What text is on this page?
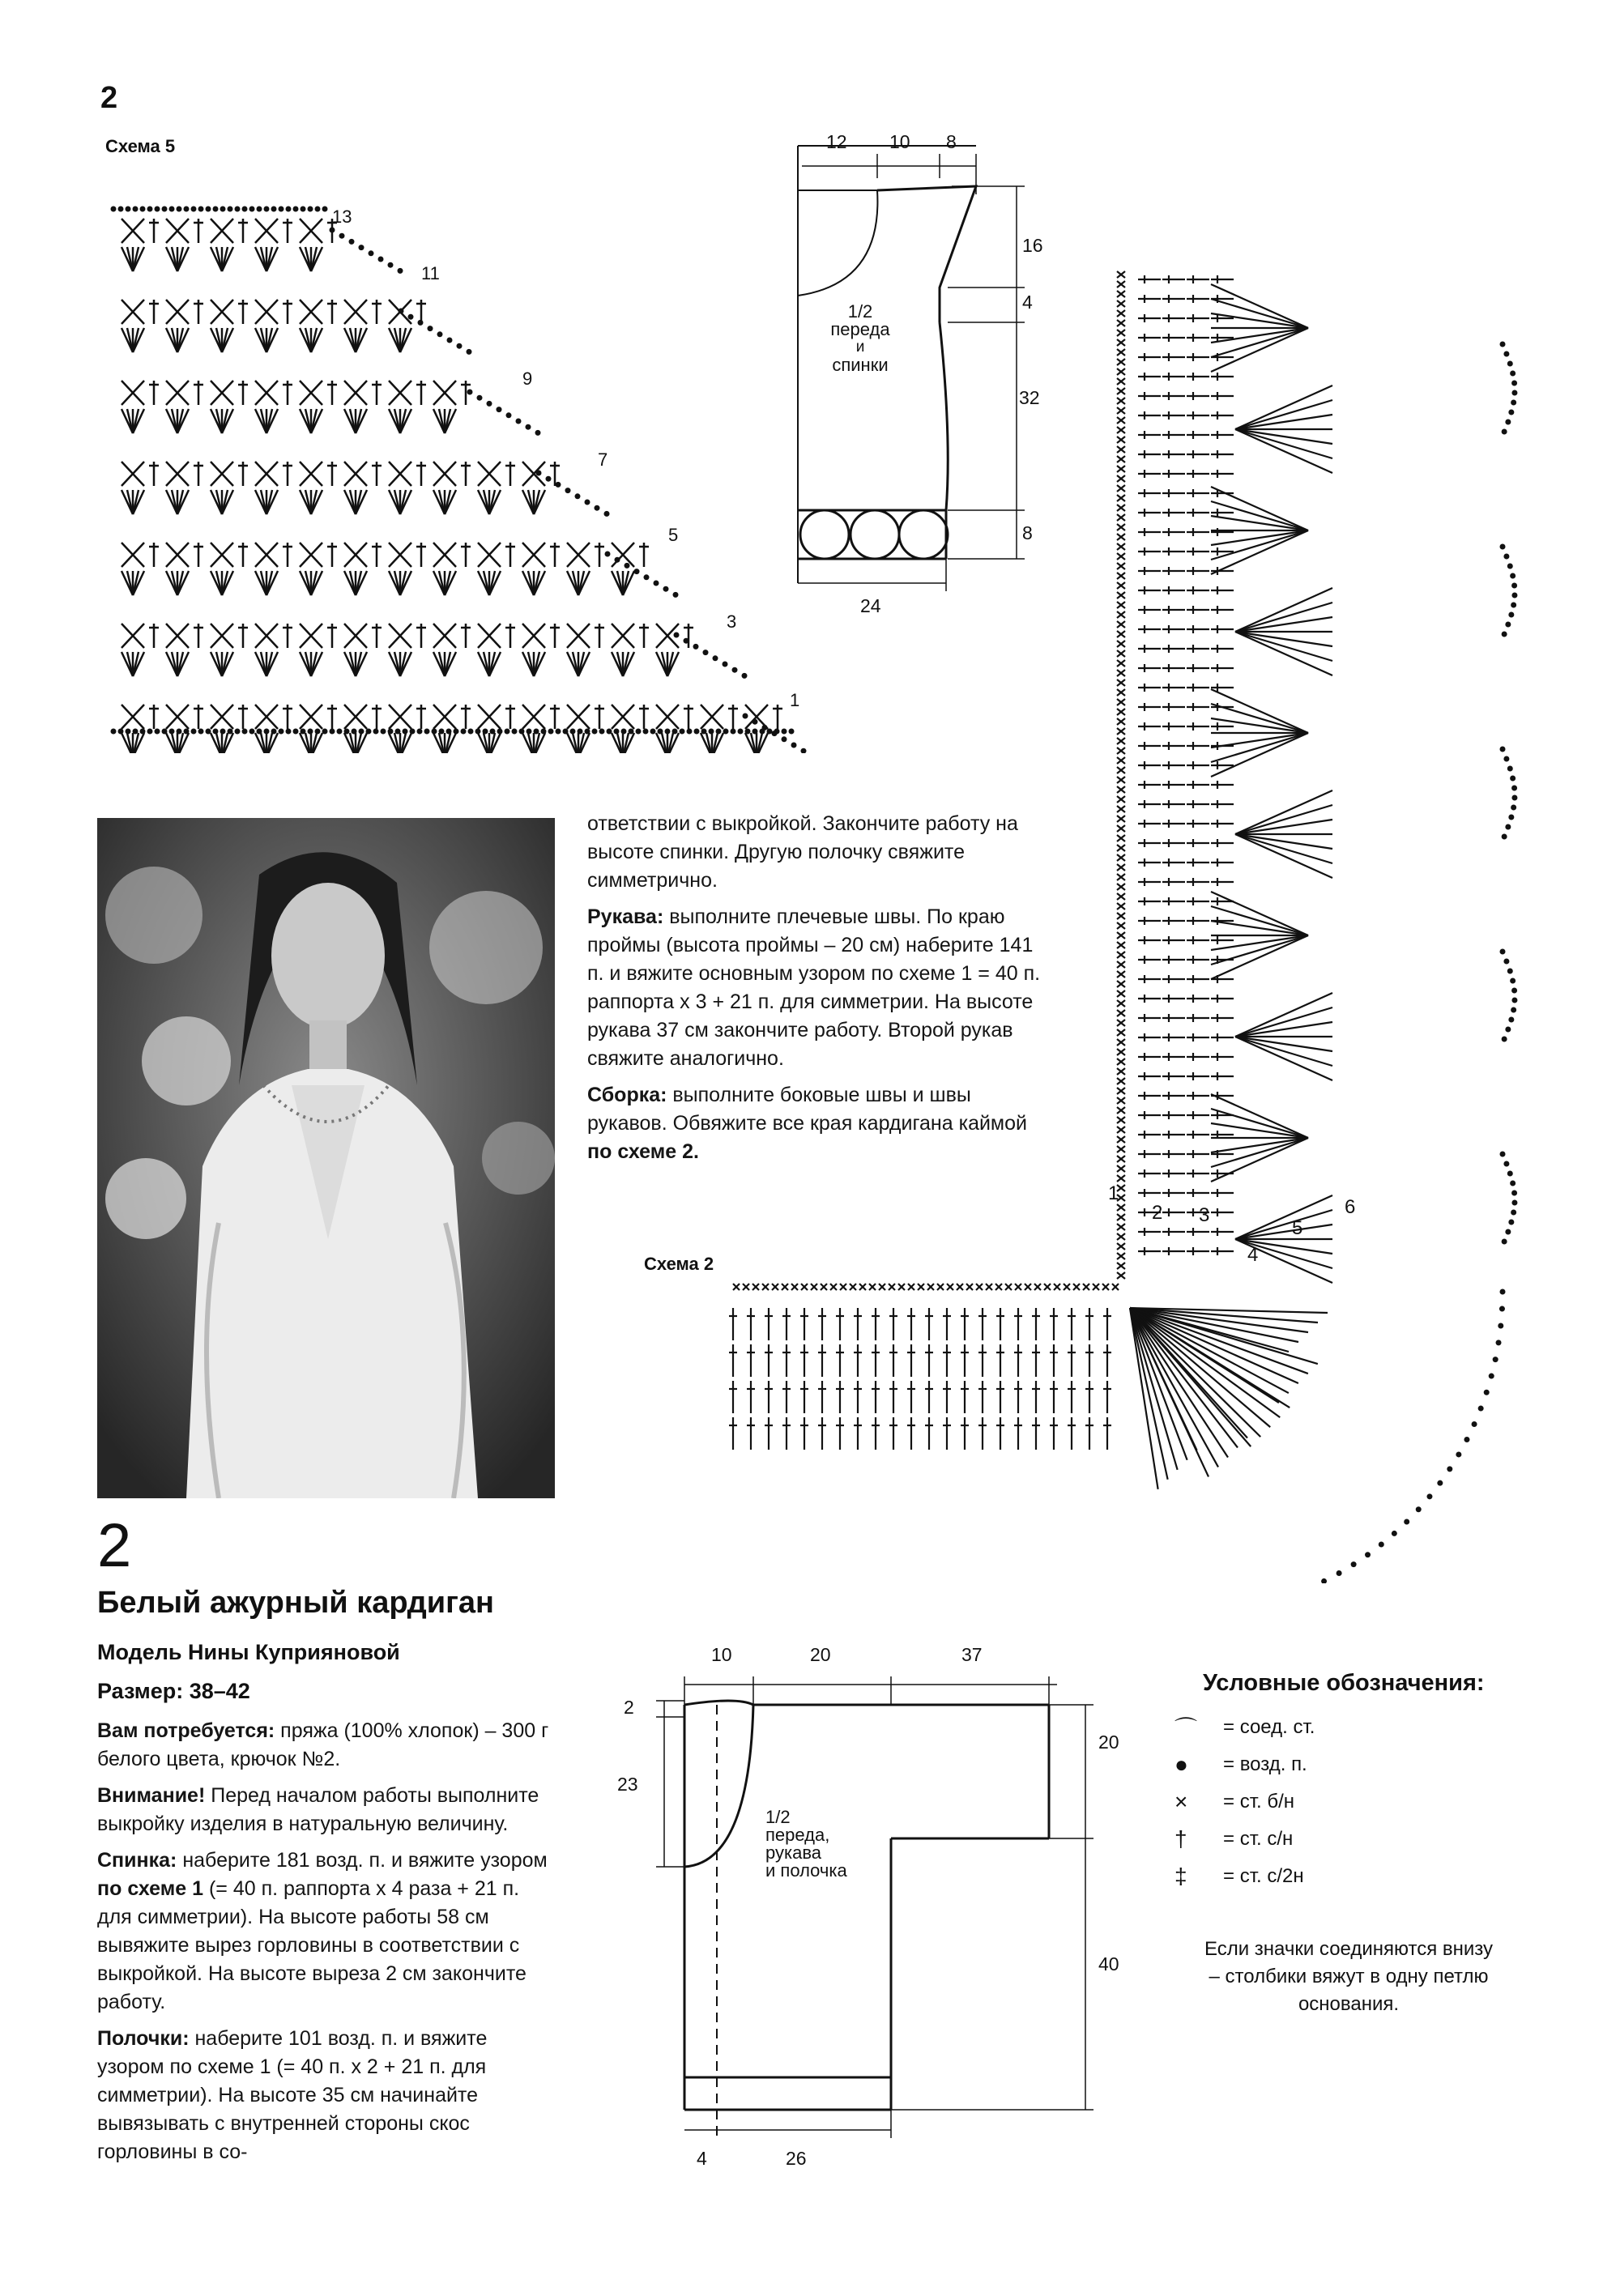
2
Схема 5
13
11
9
7
5
3
1
12 10 8
16
4
32
8
24
1/2
переда
и
спинки
Схема 2
1
2 3
4
5
6

ответствии с выкройкой. Закончите работу на высоте спинки. Другую полочку свяжите симметрично.

Рукава: выполните плечевые швы. По краю проймы (высота проймы – 20 см) наберите 141 п. и вяжите основным узором по схеме 1 = 40 п. раппорта х 3 + 21 п. для симметрии. На высоте рукава 37 см закончите работу. Второй рукав свяжите аналогично.

Сборка: выполните боковые швы и швы рукавов. Обвяжите все края кардигана каймой по схеме 2.

2
Белый ажурный кардиган
Модель Нины Куприяновой
Размер: 38–42

Вам потребуется: пряжа (100% хлопок) – 300 г белого цвета, крючок №2.

Внимание! Перед началом работы выполните выкройку изделия в натуральную величину.

Спинка: наберите 181 возд. п. и вяжите узором по схеме 1 (= 40 п. раппорта х 4 раза + 21 п. для симметрии). На высоте работы 58 см вывяжите вырез горловины в соответствии с выкройкой. На высоте выреза 2 см закончите работу.

Полочки: наберите 101 возд. п. и вяжите узором по схеме 1 (= 40 п. х 2 + 21 п. для симметрии). На высоте 35 см начинайте вывязывать с внутренней стороны скос горловины в со-

10	20	37
2
23
20
40
4	26
1/2
переда,
рукава
и полочка
Условные обозначения:
⌒	= соед. ст.
●	= возд. п.
×	= ст. б/н
†	= ст. с/н
‡	= ст. с/2н
Если значки соединяются внизу – столбики вяжут в одну петлю основания.
